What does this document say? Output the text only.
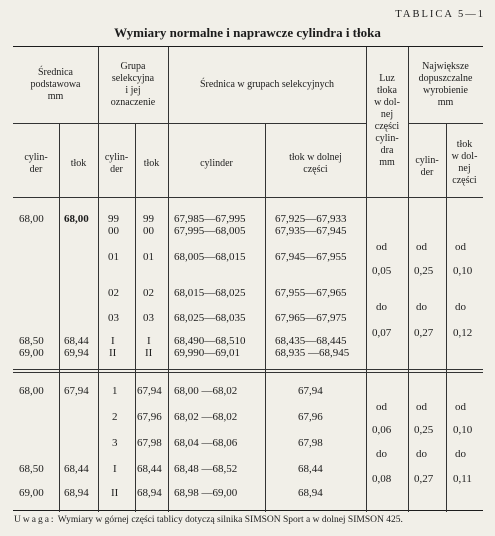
TABLICA 5—1
Wymiary normalne i naprawcze cylindra i tłoka
Średnica
podstawowa
mm
Grupa
selekcyjna
i jej
oznaczenie
Średnica w grupach selekcyjnych
Luz
tłoka
w dol-
nej
części
cylin-
dra
mm
Największe
dopuszczalne
wyrobienie
mm
cylin-
der
tłok
cylin-
der
tłok	cylinder
tłok w dolnej
części
cylin-
der
tłok
w dol-
nej
części
68,00
68,50
69,00
68,00
68,44
69,94
99
00
01
02
03
I
II
99
00
01
02
03
I
II
67,985—67,995
67,995—68,005
68,005—68,015
68,015—68,025
68,025—68,035
68,490—68,510
69,990—69,01
67,925—67,933
67,935—67,945
67,945—67,955
67,955—67,965
67,965—67,975
68,435—68,445
68,935 —68,945
od
0,05
do
0,07
od
0,25
do
0,27
od
0,10
do
0,12
68,00
68,50
69,00
67,94
68,44
68,94
1
2
3
I
II
67,94
67,96
67,98
68,44
68,94
68,00 —68,02
68,02 —68,02
68,04 —68,06
68,48 —68,52
68,98 —69,00
67,94
67,96
67,98
68,44
68,94
od
0,06
do
0,08
od
0,25
do
0,27
od
0,10
do
0,11
Uwaga: Wymiary w górnej części tablicy dotyczą silnika SIMSON Sport a w dolnej SIMSON 425.
